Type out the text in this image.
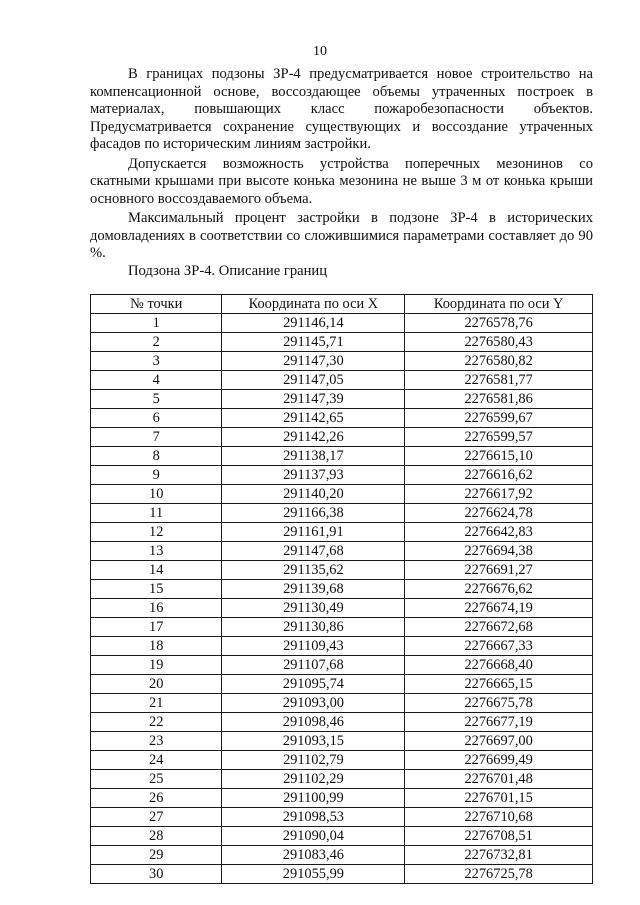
10

В границах подзоны ЗР-4 предусматривается новое строительство на компенсационной основе, воссоздающее объемы утраченных построек в материалах, повышающих класс пожаробезопасности объектов. Предусматривается сохранение существующих и воссоздание утраченных фасадов по историческим линиям застройки.

Допускается возможность устройства поперечных мезонинов со скатными крышами при высоте конька мезонина не выше 3 м от конька крыши основного воссоздаваемого объема.

Максимальный процент застройки в подзоне ЗР-4 в исторических домовладениях в соответствии со сложившимися параметрами составляет до 90 %.

Подзона ЗР-4. Описание границ
№ точки	Координата по оси X	Координата по оси Y
1	291146,14	2276578,76
2	291145,71	2276580,43
3	291147,30	2276580,82
4	291147,05	2276581,77
5	291147,39	2276581,86
6	291142,65	2276599,67
7	291142,26	2276599,57
8	291138,17	2276615,10
9	291137,93	2276616,62
10	291140,20	2276617,92
11	291166,38	2276624,78
12	291161,91	2276642,83
13	291147,68	2276694,38
14	291135,62	2276691,27
15	291139,68	2276676,62
16	291130,49	2276674,19
17	291130,86	2276672,68
18	291109,43	2276667,33
19	291107,68	2276668,40
20	291095,74	2276665,15
21	291093,00	2276675,78
22	291098,46	2276677,19
23	291093,15	2276697,00
24	291102,79	2276699,49
25	291102,29	2276701,48
26	291100,99	2276701,15
27	291098,53	2276710,68
28	291090,04	2276708,51
29	291083,46	2276732,81
30	291055,99	2276725,78
